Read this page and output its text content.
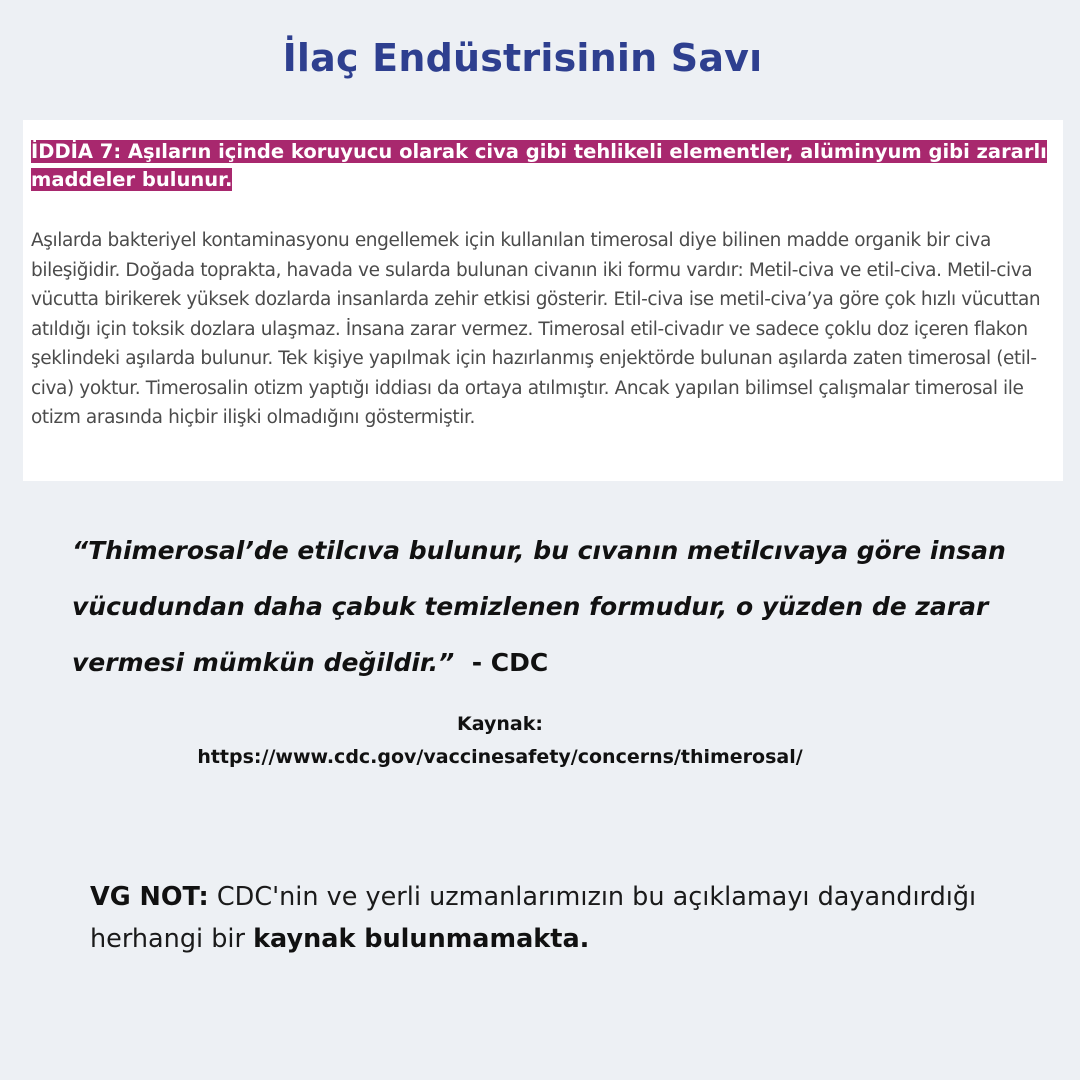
İlaç Endüstrisinin Savı
İDDİA 7: Aşıların içinde koruyucu olarak civa gibi tehlikeli elementler, alüminyum gibi zararlı maddeler bulunur.
Aşılarda bakteriyel kontaminasyonu engellemek için kullanılan timerosal diye bilinen madde organik bir civa bileşiğidir. Doğada toprakta, havada ve sularda bulunan civanın iki formu vardır: Metil-civa ve etil-civa. Metil-civa vücutta birikerek yüksek dozlarda insanlarda zehir etkisi gösterir. Etil-civa ise metil-civa’ya göre çok hızlı vücuttan atıldığı için toksik dozlara ulaşmaz. İnsana zarar vermez. Timerosal etil-civadır ve sadece çoklu doz içeren flakon şeklindeki aşılarda bulunur. Tek kişiye yapılmak için hazırlanmış enjektörde bulunan aşılarda zaten timerosal (etil-civa) yoktur. Timerosalin otizm yaptığı iddiası da ortaya atılmıştır. Ancak yapılan bilimsel çalışmalar timerosal ile otizm arasında hiçbir ilişki olmadığını göstermiştir.
“Thimerosal’de etilcıva bulunur, bu cıvanın metilcıvaya göre insan vücudundan daha çabuk temizlenen formudur, o yüzden de zarar vermesi mümkün değildir.” - CDC
Kaynak:
https://www.cdc.gov/vaccinesafety/concerns/thimerosal/
VG NOT: CDC'nin ve yerli uzmanlarımızın bu açıklamayı dayandırdığı herhangi bir kaynak bulunmamakta.
